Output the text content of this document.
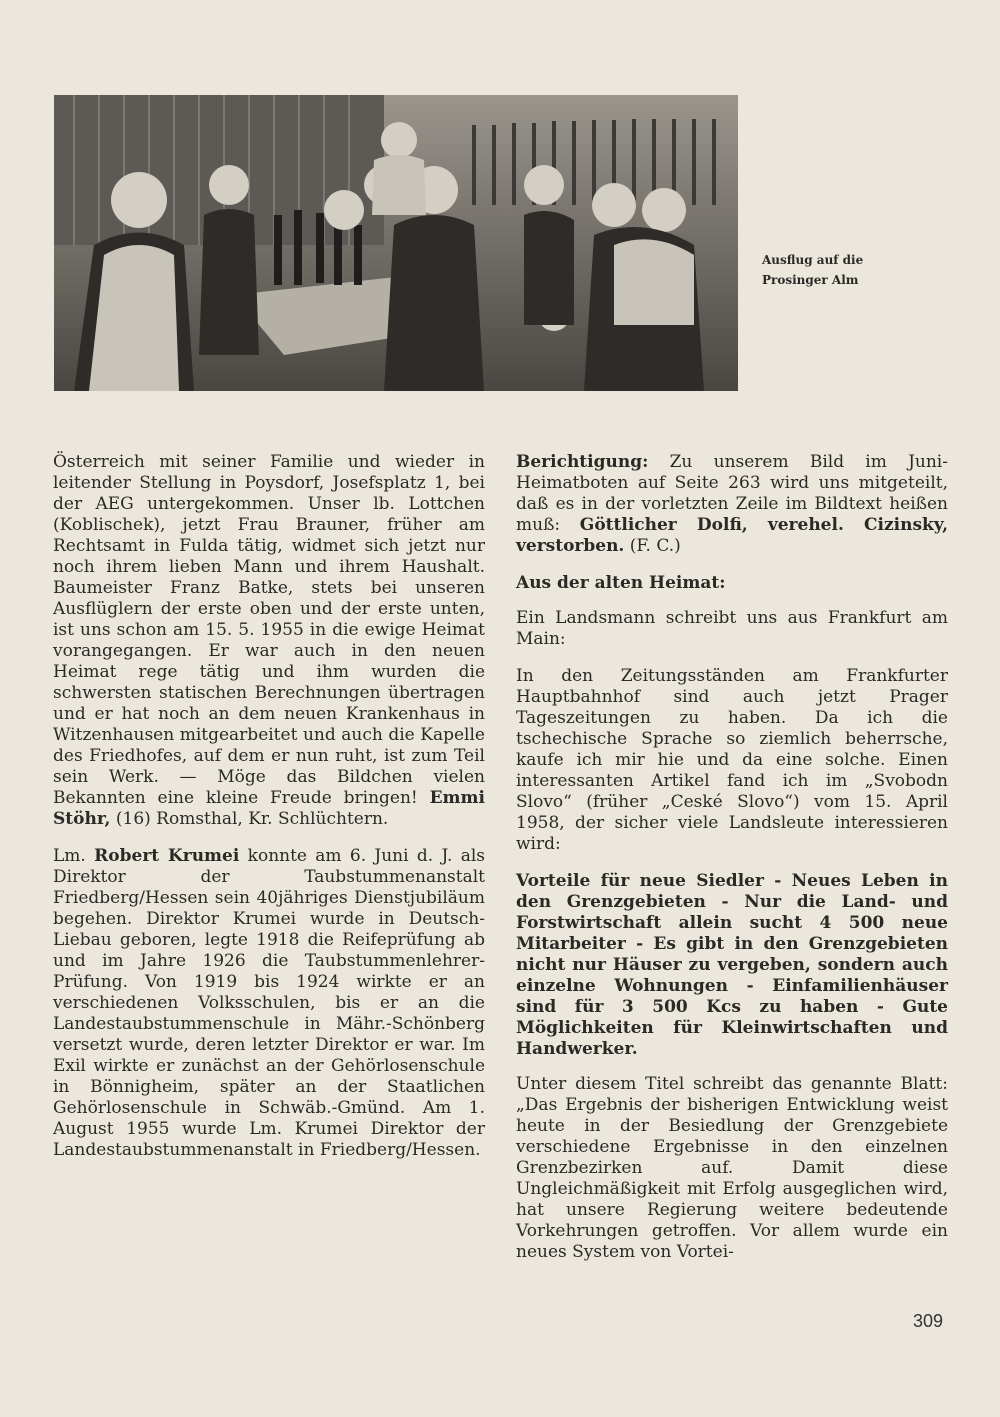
Ausflug auf die
Prosinger Alm

Österreich mit seiner Familie und wieder in leitender Stellung in Poysdorf, Josefsplatz 1, bei der AEG untergekommen. Unser lb. Lottchen (Koblischek), jetzt Frau Brauner, früher am Rechtsamt in Fulda tätig, widmet sich jetzt nur noch ihrem lieben Mann und ihrem Haushalt. Baumeister Franz Batke, stets bei unseren Ausflüglern der erste oben und der erste unten, ist uns schon am 15. 5. 1955 in die ewige Heimat vorangegangen. Er war auch in den neuen Heimat rege tätig und ihm wurden die schwersten statischen Berechnungen übertragen und er hat noch an dem neuen Krankenhaus in Witzenhausen mitgearbeitet und auch die Kapelle des Friedhofes, auf dem er nun ruht, ist zum Teil sein Werk. — Möge das Bildchen vielen Bekannten eine kleine Freude bringen! Emmi Stöhr, (16) Romsthal, Kr. Schlüchtern.

Lm. Robert Krumei konnte am 6. Juni d. J. als Direktor der Taubstummenanstalt Friedberg/Hessen sein 40jähriges Dienstjubiläum begehen. Direktor Krumei wurde in Deutsch-Liebau geboren, legte 1918 die Reifeprüfung ab und im Jahre 1926 die Taubstummenlehrer-Prüfung. Von 1919 bis 1924 wirkte er an verschiedenen Volksschulen, bis er an die Landestaubstummenschule in Mähr.-Schönberg versetzt wurde, deren letzter Direktor er war. Im Exil wirkte er zunächst an der Gehörlosenschule in Bönnigheim, später an der Staatlichen Gehörlosenschule in Schwäb.-Gmünd. Am 1. August 1955 wurde Lm. Krumei Direktor der Landestaubstummenanstalt in Friedberg/Hessen.

Berichtigung: Zu unserem Bild im Juni-Heimatboten auf Seite 263 wird uns mitgeteilt, daß es in der vorletzten Zeile im Bildtext heißen muß: Göttlicher Dolfi, verehel. Cizinsky, verstorben. (F. C.)

Aus der alten Heimat:

Ein Landsmann schreibt uns aus Frankfurt am Main:

In den Zeitungsständen am Frankfurter Hauptbahnhof sind auch jetzt Prager Tageszeitungen zu haben. Da ich die tschechische Sprache so ziemlich beherrsche, kaufe ich mir hie und da eine solche. Einen interessanten Artikel fand ich im „Svobodn Slovo“ (früher „Ceské Slovo“) vom 15. April 1958, der sicher viele Landsleute interessieren wird:

Vorteile für neue Siedler - Neues Leben in den Grenzgebieten - Nur die Land- und Forstwirtschaft allein sucht 4 500 neue Mitarbeiter - Es gibt in den Grenzgebieten nicht nur Häuser zu vergeben, sondern auch einzelne Wohnungen - Einfamilienhäuser sind für 3 500 Kcs zu haben - Gute Möglichkeiten für Kleinwirtschaften und Handwerker.

Unter diesem Titel schreibt das genannte Blatt: „Das Ergebnis der bisherigen Entwicklung weist heute in der Besiedlung der Grenzgebiete verschiedene Ergebnisse in den einzelnen Grenzbezirken auf. Damit diese Ungleichmäßigkeit mit Erfolg ausgeglichen wird, hat unsere Regierung weitere bedeutende Vorkehrungen getroffen. Vor allem wurde ein neues System von Vortei-

309
